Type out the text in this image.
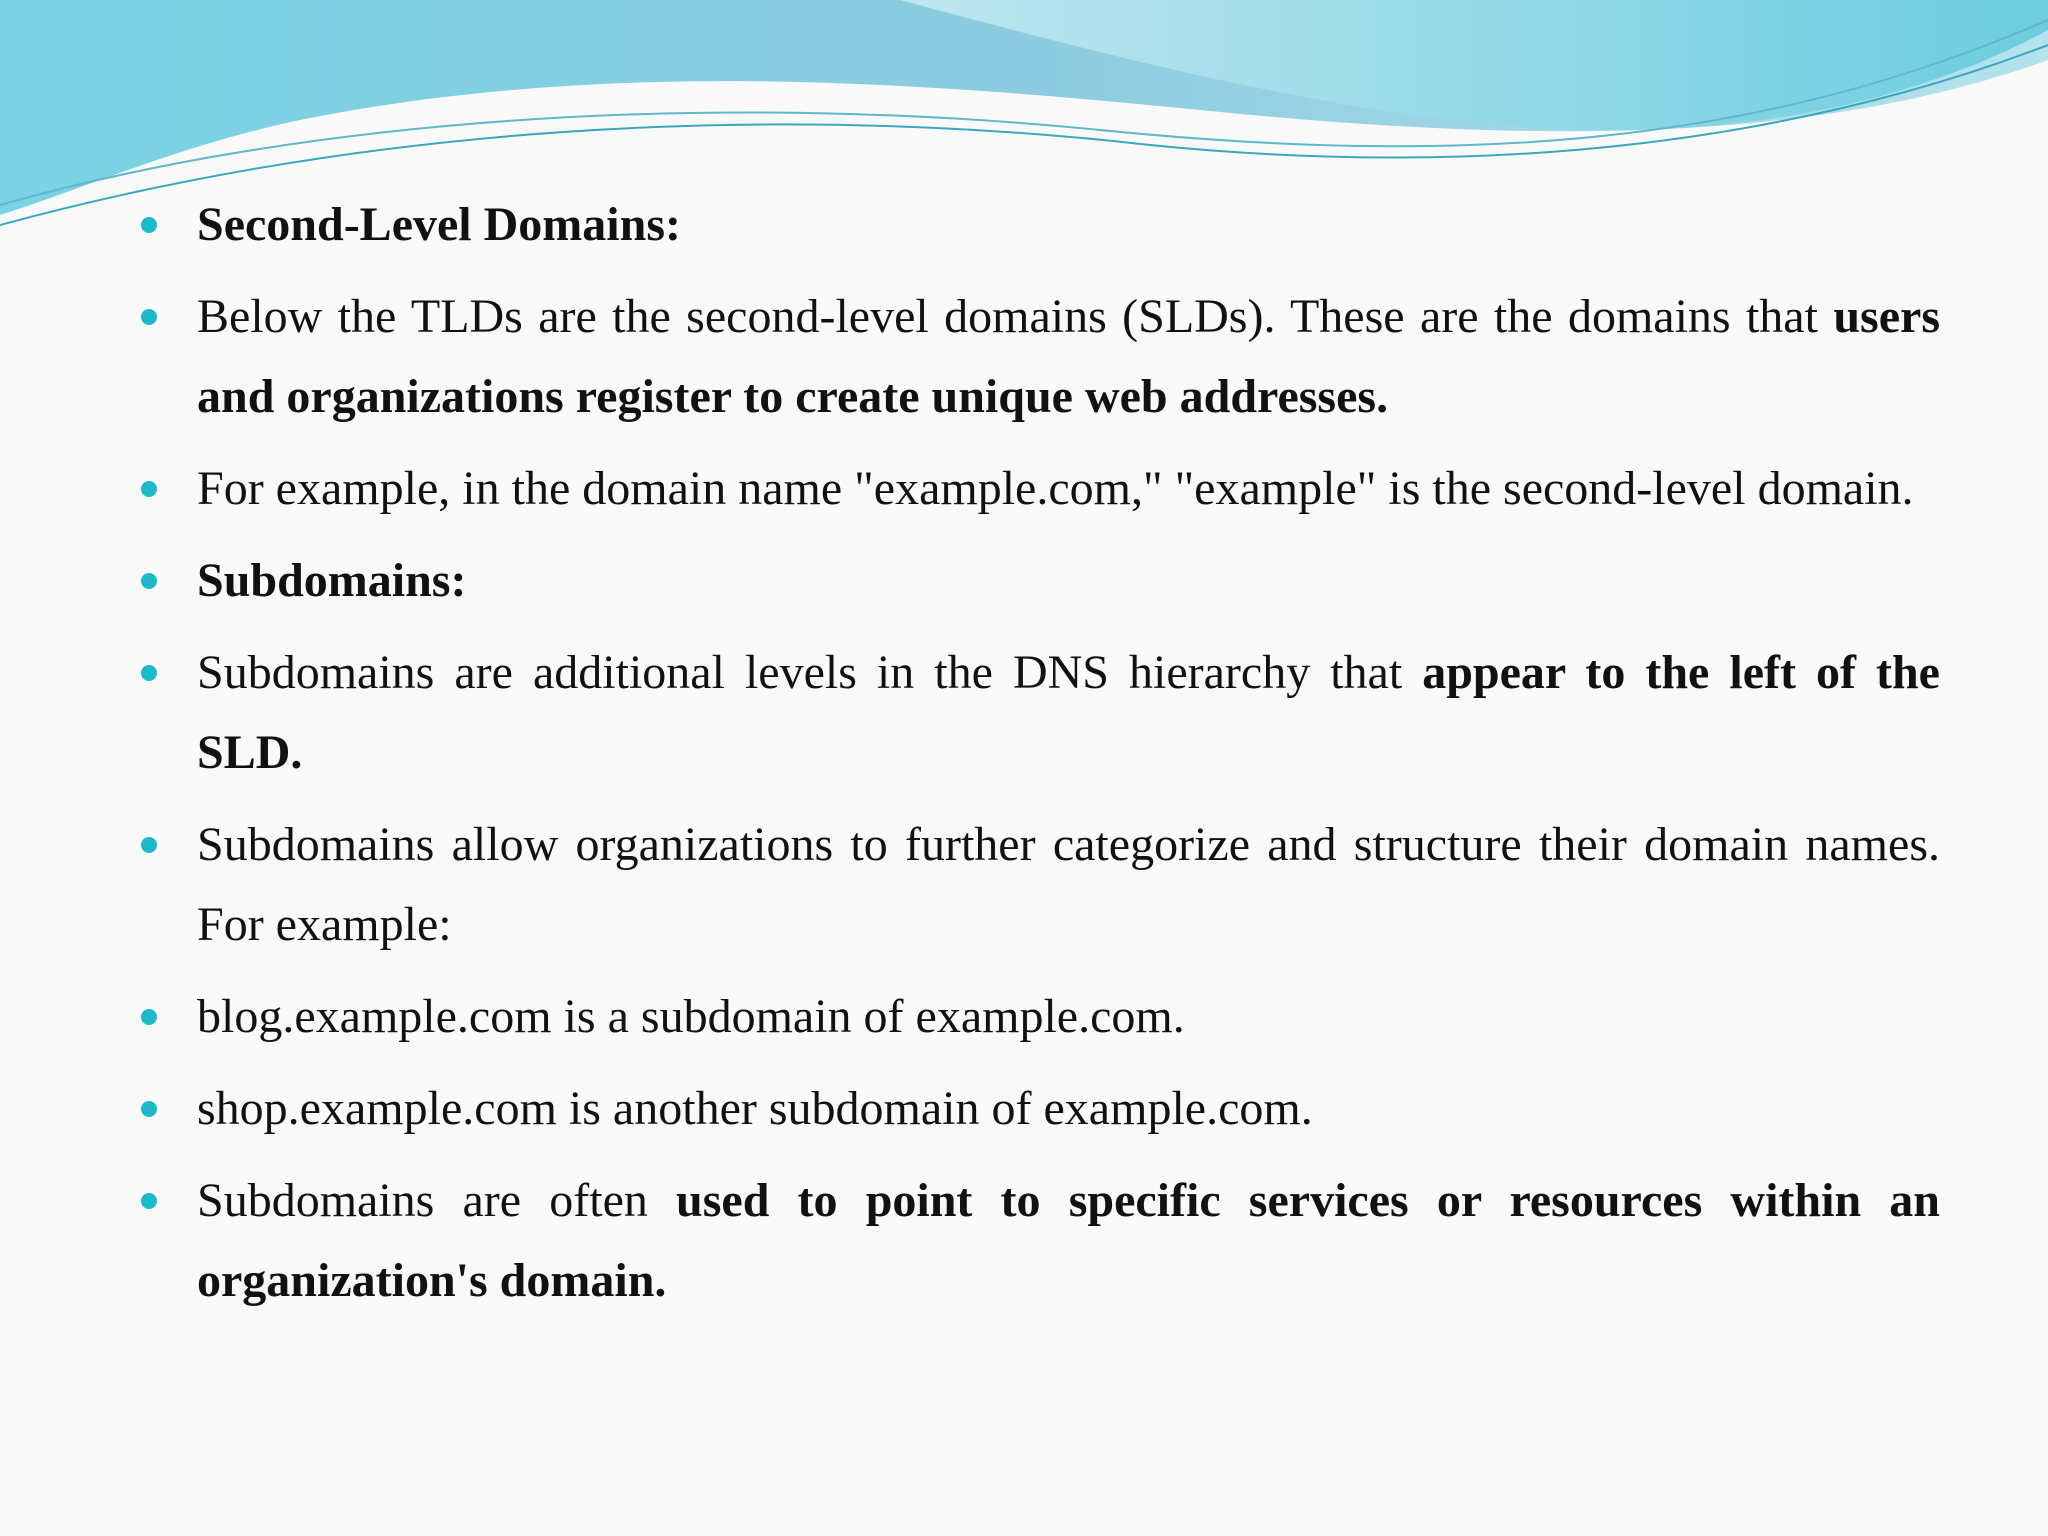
Second-Level Domains:
Below the TLDs are the second-level domains (SLDs). These are the domains that users and organizations register to create unique web addresses.
For example, in the domain name "example.com," "example" is the second-level domain.
Subdomains:
Subdomains are additional levels in the DNS hierarchy that appear to the left of the SLD.
Subdomains allow organizations to further categorize and structure their domain names. For example:
blog.example.com is a subdomain of example.com.
shop.example.com is another subdomain of example.com.
Subdomains are often used to point to specific services or resources within an organization's domain.
